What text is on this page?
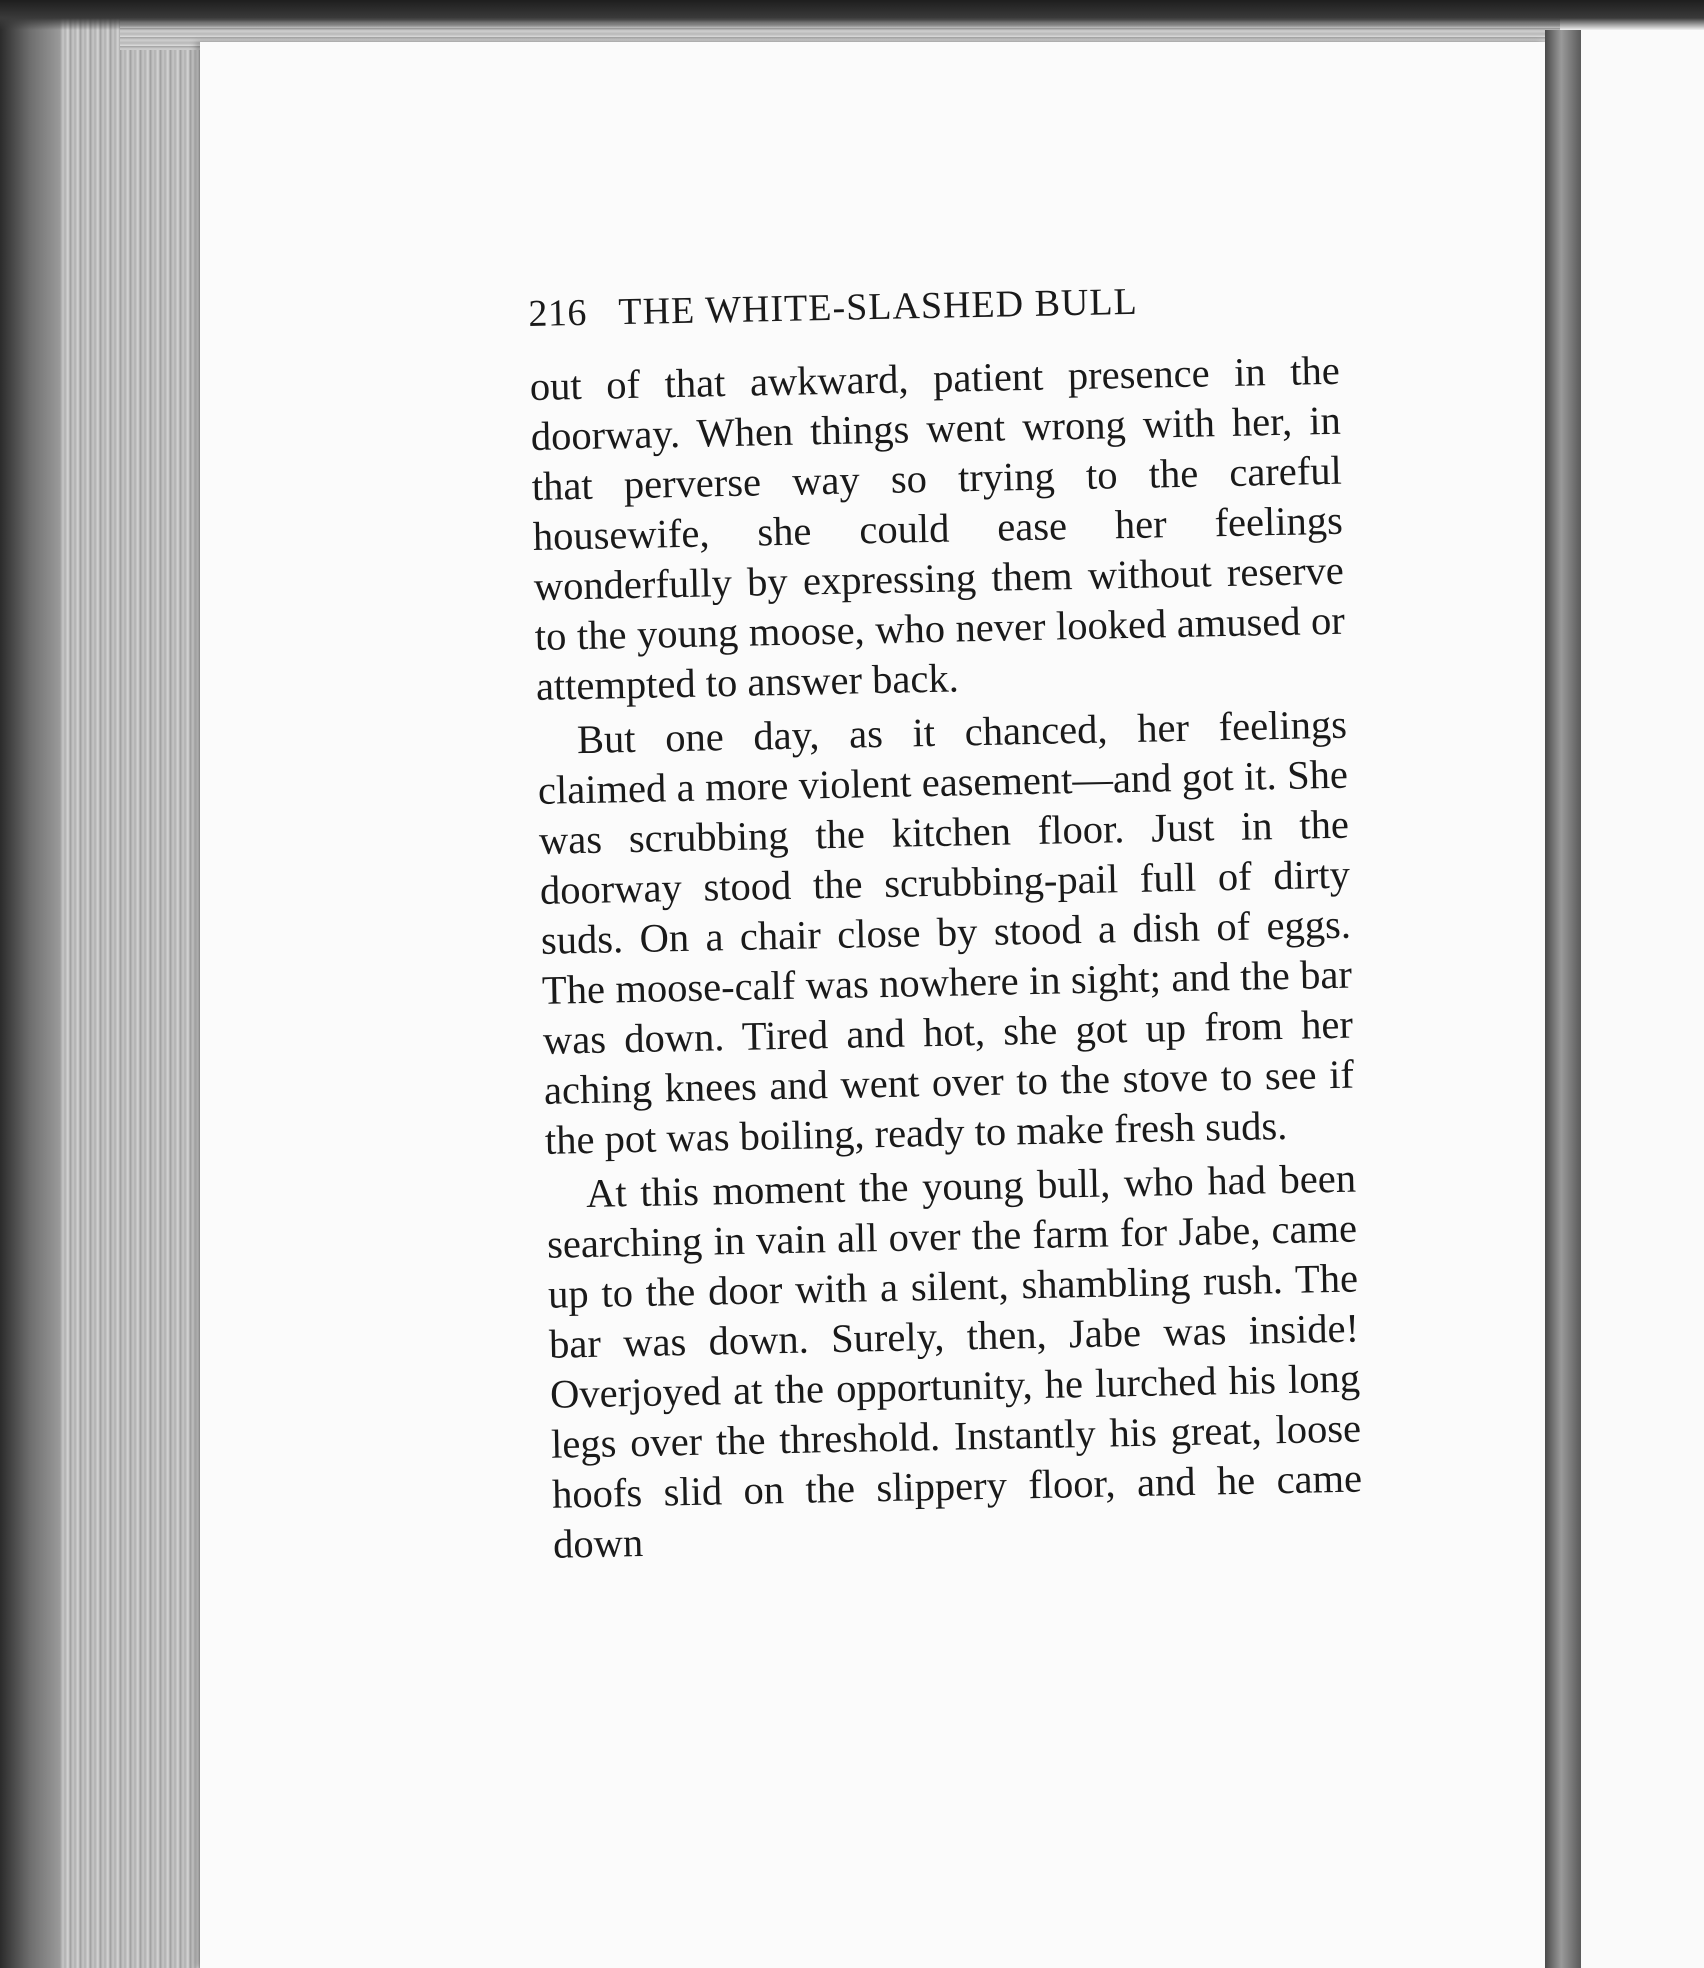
216 THE WHITE-SLASHED BULL

out of that awkward, patient presence in the doorway. When things went wrong with her, in that perverse way so trying to the careful housewife, she could ease her feelings wonderfully by expressing them without reserve to the young moose, who never looked amused or attempted to answer back.

But one day, as it chanced, her feelings claimed a more violent easement—and got it. She was scrubbing the kitchen floor. Just in the doorway stood the scrubbing-pail full of dirty suds. On a chair close by stood a dish of eggs. The moose-calf was nowhere in sight; and the bar was down. Tired and hot, she got up from her aching knees and went over to the stove to see if the pot was boiling, ready to make fresh suds.

At this moment the young bull, who had been searching in vain all over the farm for Jabe, came up to the door with a silent, shambling rush. The bar was down. Surely, then, Jabe was inside! Overjoyed at the opportunity, he lurched his long legs over the threshold. Instantly his great, loose hoofs slid on the slippery floor, and he came down
